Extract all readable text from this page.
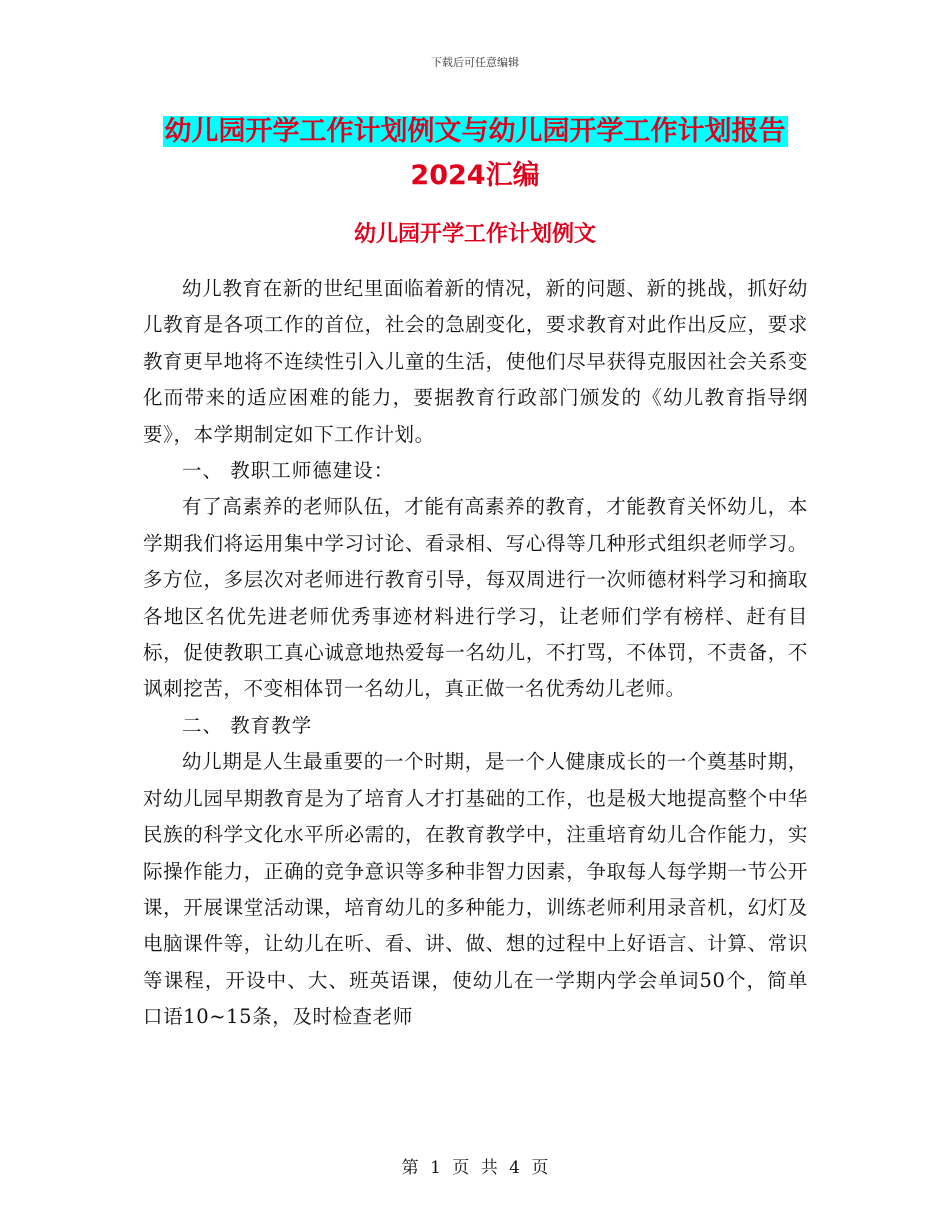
下载后可任意编辑
幼儿园开学工作计划例文与幼儿园开学工作计划报告
2024汇编
幼儿园开学工作计划例文

幼儿教育在新的世纪里面临着新的情况，新的问题、新的挑战，抓好幼儿教育是各项工作的首位，社会的急剧变化，要求教育对此作出反应，要求教育更早地将不连续性引入儿童的生活，使他们尽早获得克服因社会关系变化而带来的适应困难的能力，要据教育行政部门颁发的《幼儿教育指导纲要》，本学期制定如下工作计划。

一、 教职工师德建设：

有了高素养的老师队伍，才能有高素养的教育，才能教育关怀幼儿，本学期我们将运用集中学习讨论、看录相、写心得等几种形式组织老师学习。多方位，多层次对老师进行教育引导，每双周进行一次师德材料学习和摘取各地区名优先进老师优秀事迹材料进行学习，让老师们学有榜样、赶有目标，促使教职工真心诚意地热爱每一名幼儿，不打骂，不体罚，不责备，不讽刺挖苦，不变相体罚一名幼儿，真正做一名优秀幼儿老师。

二、 教育教学

幼儿期是人生最重要的一个时期，是一个人健康成长的一个奠基时期，对幼儿园早期教育是为了培育人才打基础的工作，也是极大地提高整个中华民族的科学文化水平所必需的，在教育教学中，注重培育幼儿合作能力，实际操作能力，正确的竞争意识等多种非智力因素，争取每人每学期一节公开课，开展课堂活动课，培育幼儿的多种能力，训练老师利用录音机，幻灯及电脑课件等，让幼儿在听、看、讲、做、想的过程中上好语言、计算、常识等课程，开设中、大、班英语课，使幼儿在一学期内学会单词50个，简单口语10~15条，及时检查老师

第 1 页 共 4 页
